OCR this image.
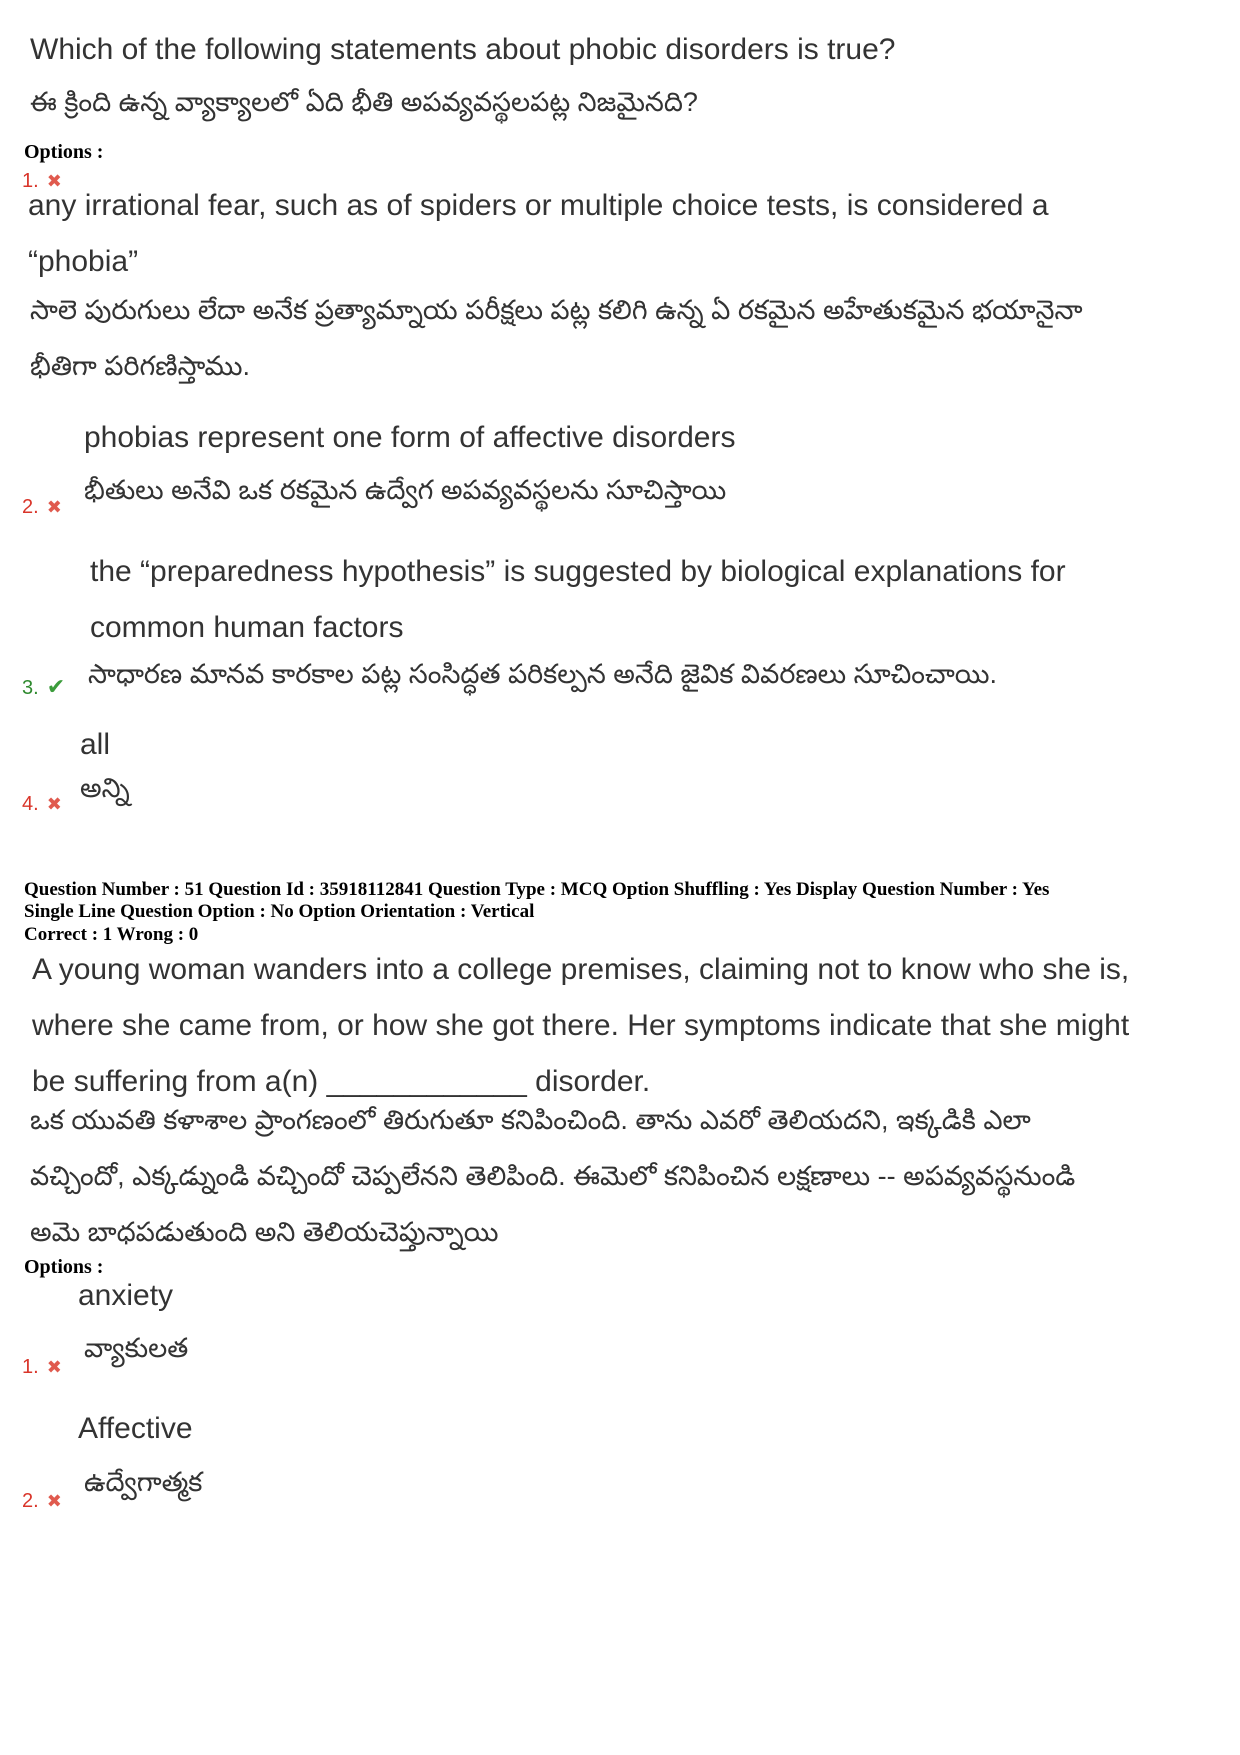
Which of the following statements about phobic disorders is true?
ఈ క్రింది ఉన్న వ్యాక్యాలలో ఏది భీతి అపవ్యవస్థలపట్ల నిజమైనది?
Options :
1. ✖
any irrational fear, such as of spiders or multiple choice tests, is considered a
“phobia”
సాలె పురుగులు లేదా అనేక ప్రత్యామ్నాయ పరీక్షలు పట్ల కలిగి ఉన్న ఏ రకమైన అహేతుకమైన భయానైనా
భీతిగా పరిగణిస్తాము.
phobias represent one form of affective disorders
భీతులు అనేవి ఒక రకమైన ఉద్వేగ అపవ్యవస్థలను సూచిస్తాయి
2. ✖
the “preparedness hypothesis” is suggested by biological explanations for
common human factors
సాధారణ మానవ కారకాల పట్ల సంసిద్ధత పరికల్పన అనేది జైవిక వివరణలు సూచించాయి.
3. ✔
all
అన్ని
4. ✖
Question Number : 51 Question Id : 35918112841 Question Type : MCQ Option Shuffling : Yes Display Question Number : Yes
Single Line Question Option : No Option Orientation : Vertical
Correct : 1 Wrong : 0
A young woman wanders into a college premises, claiming not to know who she is,
where she came from, or how she got there. Her symptoms indicate that she might
be suffering from a(n) ____________ disorder.
ఒక యువతి కళాశాల ప్రాంగణంలో తిరుగుతూ కనిపించింది. తాను ఎవరో తెలియదని, ఇక్కడికి ఎలా
వచ్చిందో, ఎక్కడ్నుండి వచ్చిందో చెప్పలేనని తెలిపింది. ఈమెలో కనిపించిన లక్షణాలు -- అపవ్యవస్థనుండి
అమె బాధపడుతుంది అని తెలియచెప్తున్నాయి
Options :
anxiety
వ్యాకులత
1. ✖
Affective
ఉద్వేగాత్మక
2. ✖
